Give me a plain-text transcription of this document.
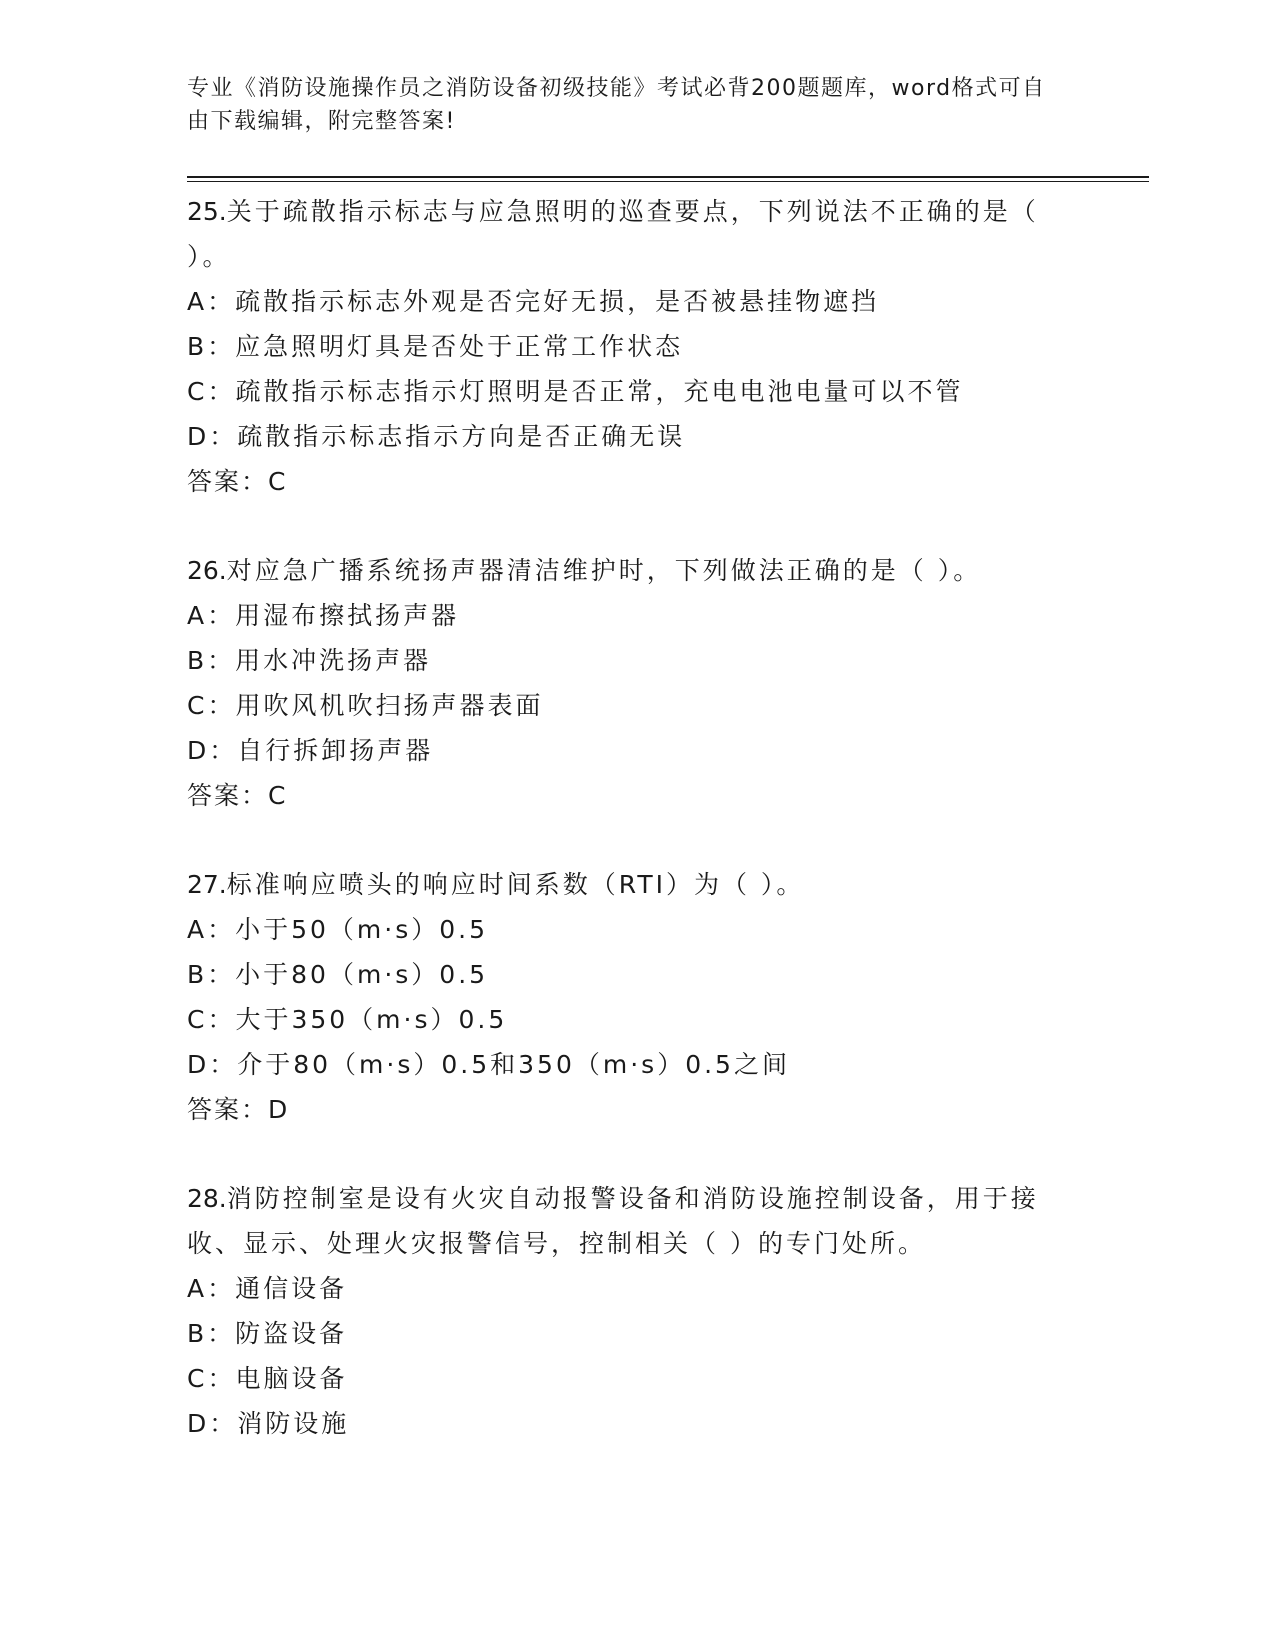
专业《消防设施操作员之消防设备初级技能》考试必背200题题库，word格式可自由下载编辑，附完整答案!

25.关于疏散指示标志与应急照明的巡查要点，下列说法不正确的是（ ）。

A：疏散指示标志外观是否完好无损，是否被悬挂物遮挡

B：应急照明灯具是否处于正常工作状态

C：疏散指示标志指示灯照明是否正常，充电电池电量可以不管

D：疏散指示标志指示方向是否正确无误

答案：C

26.对应急广播系统扬声器清洁维护时，下列做法正确的是（ ）。

A：用湿布擦拭扬声器

B：用水冲洗扬声器

C：用吹风机吹扫扬声器表面

D：自行拆卸扬声器

答案：C

27.标准响应喷头的响应时间系数（RTI）为（ ）。

A：小于50（m·s）0.5

B：小于80（m·s）0.5

C：大于350（m·s）0.5

D：介于80（m·s）0.5和350（m·s）0.5之间

答案：D

28.消防控制室是设有火灾自动报警设备和消防设施控制设备，用于接收、显示、处理火灾报警信号，控制相关（ ）的专门处所。

A：通信设备

B：防盗设备

C：电脑设备

D：消防设施
